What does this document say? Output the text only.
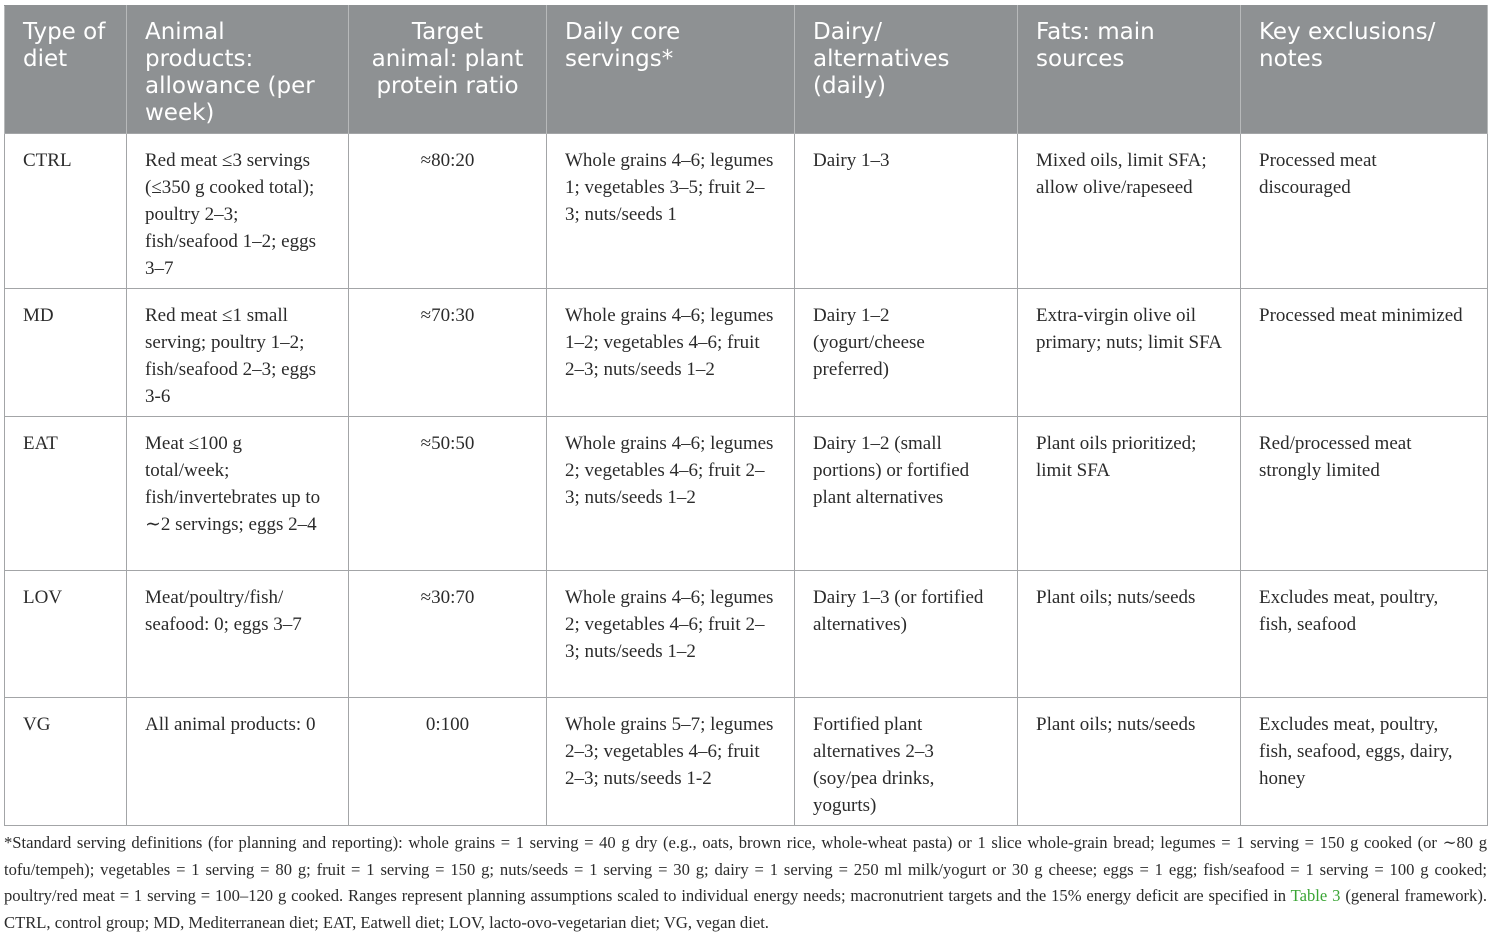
Type of diet	Animal products: allowance (per week)	Target animal: plant protein ratio	Daily core servings*	Dairy/ alternatives (daily)	Fats: main sources	Key exclusions/ notes
CTRL	Red meat ≤3 servings (≤350 g cooked total); poultry 2–3; fish/seafood 1–2; eggs 3–7	≈80:20	Whole grains 4–6; legumes 1; vegetables 3–5; fruit 2–3; nuts/seeds 1	Dairy 1–3	Mixed oils, limit SFA; allow olive/rapeseed	Processed meat discouraged
MD	Red meat ≤1 small serving; poultry 1–2; fish/seafood 2–3; eggs 3-6	≈70:30	Whole grains 4–6; legumes 1–2; vegetables 4–6; fruit 2–3; nuts/seeds 1–2	Dairy 1–2 (yogurt/cheese preferred)	Extra-virgin olive oil primary; nuts; limit SFA	Processed meat minimized
EAT	Meat ≤100 g total/week; fish/invertebrates up to ∼2 servings; eggs 2–4	≈50:50	Whole grains 4–6; legumes 2; vegetables 4–6; fruit 2–3; nuts/seeds 1–2	Dairy 1–2 (small portions) or fortified plant alternatives	Plant oils prioritized; limit SFA	Red/processed meat strongly limited
LOV	Meat/poultry/fish/ seafood: 0; eggs 3–7	≈30:70	Whole grains 4–6; legumes 2; vegetables 4–6; fruit 2–3; nuts/seeds 1–2	Dairy 1–3 (or fortified alternatives)	Plant oils; nuts/seeds	Excludes meat, poultry, fish, seafood
VG	All animal products: 0	0:100	Whole grains 5–7; legumes 2–3; vegetables 4–6; fruit 2–3; nuts/seeds 1-2	Fortified plant alternatives 2–3 (soy/pea drinks, yogurts)	Plant oils; nuts/seeds	Excludes meat, poultry, fish, seafood, eggs, dairy, honey
*Standard serving definitions (for planning and reporting): whole grains = 1 serving = 40 g dry (e.g., oats, brown rice, whole-wheat pasta) or 1 slice whole-grain bread; legumes = 1 serving = 150 g cooked (or ∼80 g tofu/tempeh); vegetables = 1 serving = 80 g; fruit = 1 serving = 150 g; nuts/seeds = 1 serving = 30 g; dairy = 1 serving = 250 ml milk/yogurt or 30 g cheese; eggs = 1 egg; fish/seafood = 1 serving = 100 g cooked; poultry/red meat = 1 serving = 100–120 g cooked. Ranges represent planning assumptions scaled to individual energy needs; macronutrient targets and the 15% energy deficit are specified in Table 3 (general framework). CTRL, control group; MD, Mediterranean diet; EAT, Eatwell diet; LOV, lacto-ovo-vegetarian diet; VG, vegan diet.
